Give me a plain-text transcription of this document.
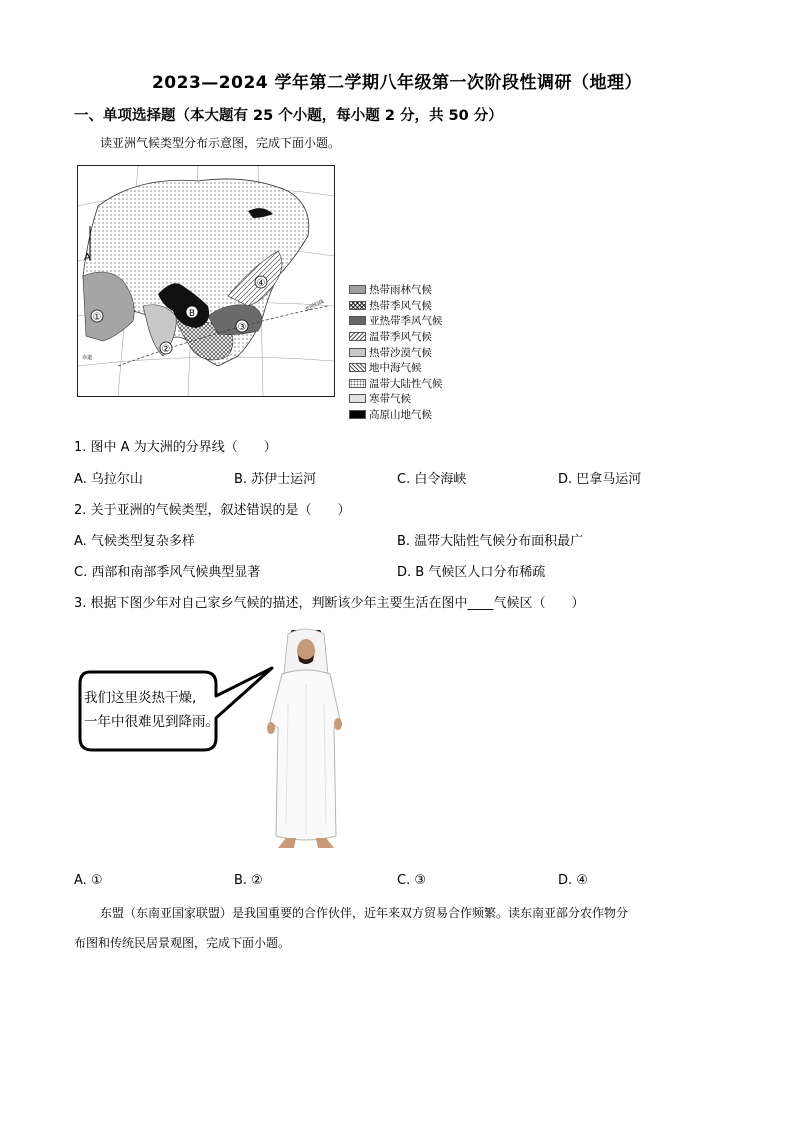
2023—2024 学年第二学期八年级第一次阶段性调研（地理）
一、单项选择题（本大题有 25 个小题，每小题 2 分，共 50 分）
读亚洲气候类型分布示意图，完成下面小题。
①
②
③
④
B
A
北回归线
赤道
热带雨林气候
热带季风气候
亚热带季风气候
温带季风气候
热带沙漠气候
地中海气候
温带大陆性气候
寒带气候
高原山地气候
1. 图中 A 为大洲的分界线（　　）
A. 乌拉尔山	B. 苏伊士运河	C. 白令海峡	D. 巴拿马运河
2. 关于亚洲的气候类型，叙述错误的是（　　）
A. 气候类型复杂多样	B. 温带大陆性气候分布面积最广
C. 西部和南部季风气候典型显著	D. B 气候区人口分布稀疏
3. 根据下图少年对自己家乡气候的描述，判断该少年主要生活在图中____气候区（　　）
我们这里炎热干燥,
一年中很难见到降雨。
A. ①	B. ②	C. ③	D. ④
东盟（东南亚国家联盟）是我国重要的合作伙伴，近年来双方贸易合作频繁。读东南亚部分农作物分
布图和传统民居景观图，完成下面小题。
